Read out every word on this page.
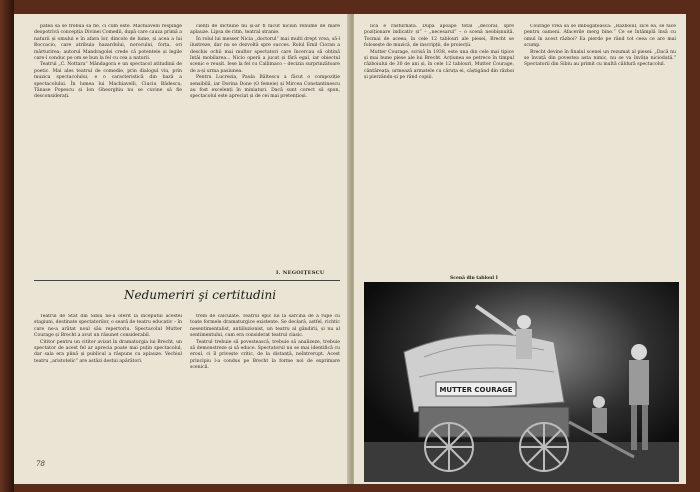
patea să se trebuă să fie, ci cum este. Machiavelli respinge deopotrivă concepția Divinei Comedii, după care cauza primă a naturii și omului e în afara lor, dincolo de lume, și acea a lui Boccacio, care atribuia hazardului, norocului, forța, ori mârturirea; autorul Mandragolei crede că potentele și legile care-l conduc pe om se bun la fel cu cea a naturii.

Teatrul „C. Nottara” Mândagora e un spectacol atitudinii de poetic. Mai ales teatrul de comedie, prin dialogul viu, prin muzica spectacolului, e o caracteristică din bază a spectacolului. În lumea lui Machiavelli, Ciuciu Bădescu, Tânase Popescu și Ion Gheorghiu nu se cuvine să fie desconsiderați.

cienți de dictiune nu și-ar fi făcut niciun renume de mare aplauze. Lipsa de ritm, teatral stranie.

În rolul lui messer Nicia „doctorul” mai multi drept vrea, să-l ilustreze, dar nu se dezvoltă spre succes. Rolul Emil Cioran a deschis ochii mai multor spectatori care încercau să obțină întâi mobilarea... Nicio operă a jucat și fără egal, iar obiectul scenic e reușit. Iese la fel cu Callimaco – decizia surprinzătoare de a-și urma pasiunea.

Pentru Lucrezia, Paula Băltescu a făcut o compoziție sensibilă, iar Dorina Done (O femeie) și Mircea Constantinescu au fost excelenți în miniaturi. Dacă sunt corect să spun, spectacolul este apreciat și de cei mai pretențioși.

I. NEGOIŢESCU
Nedumeriri şi certitudini

Teatrul de Stat din Sibiu ne-a oferit la începutul acestei stagiuni, destinate spectatorilor, o seară de teatru educativ – în care ne-a arătat noul său repertoriu. Spectacolul Mutter Courage și Brecht a avut un răsunet considerabil.

Cititor pentru un cititor avizat în dramaturgia lui Brecht, un spectator de acest fel ar aprecia poate mai puțin spectacolul, dar sala era plină și publicul a răspuns cu aplauze. Vechiul teatru „aristotelic” are astăzi destui apărători.

trem de calculate. Teatrul epic lui la sarcina de a rupe cu toate formele dramaturgice existente. Se declară, astfel, richtic nesentimentalist, antiiluzionist, un teatru al gândirii, și nu al sentimentului, cum era considerat teatrul clasic.

Teatrul trebuie să povestească, trebuie să analizeze, trebuie să demonstreze și să educe. Spectatorul nu se mai identifică cu eroul, ci îl privește critic, de la distanță, neîntrerupt. Acest principiu l-a condus pe Brecht la forme noi de exprimare scenică.

78

lică e răsturnată. După apoape total „decoral, spre poziționare indicativ și” – „necesarul” – o scenă neobișnuită. Tocmai de aceea, în cele 12 tablouri ale piesei, Brecht se folosește de muzică, de inscripții, de proiecții.

Mutter Courage, scrisă în 1938, este una din cele mai tipice și mai bune piese ale lui Brecht. Acțiunea se petrece în timpul războiului de 30 de ani și, în cele 12 tablouri, Mutter Courage, cântăreața, urmează armatele cu căruța ei, câștigând din război și pierzându-și pe rând copiii.

Courage vrea să se îmbogățească: „Războiul, zice ea, se face pentru oameni. Afacerile merg bine.” Ce se întâmplă însă cu omul în acest război? Ea pierde pe rând tot ceea ce are mai scump.

Brecht devine în finalul scenei un rezumat al piesei: „Dacă nu se învață din povestea asta nimic, nu se va învăța niciodată.” Spectatorii din Sibiu au primit cu multă căldură spectacolul.

Scenă din tabloul I
MUTTER COURAGE
